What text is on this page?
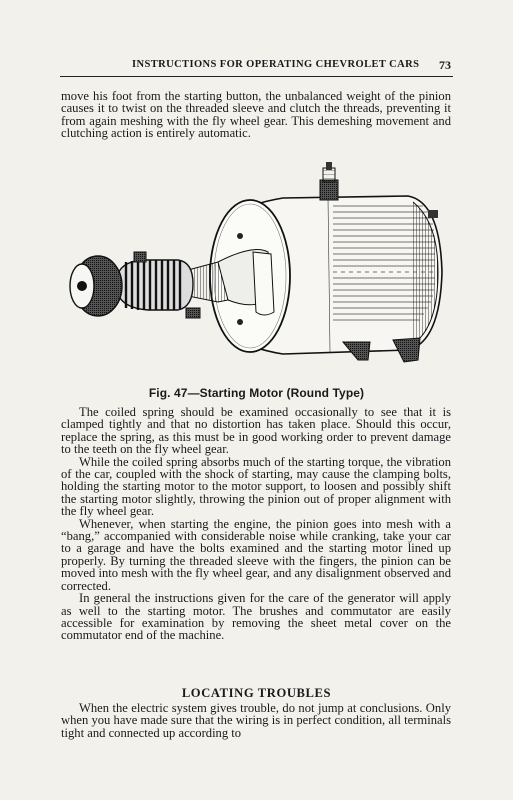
INSTRUCTIONS FOR OPERATING CHEVROLET CARS 73

move his foot from the starting button, the unbalanced weight of the pinion causes it to twist on the threaded sleeve and clutch the threads, preventing it from again meshing with the fly wheel gear. This demeshing movement and clutching action is entirely automatic.

Fig. 47—Starting Motor (Round Type)

The coiled spring should be examined occasionally to see that it is clamped tightly and that no distortion has taken place. Should this occur, replace the spring, as this must be in good working order to prevent damage to the teeth on the fly wheel gear.

While the coiled spring absorbs much of the starting torque, the vibration of the car, coupled with the shock of starting, may cause the clamping bolts, holding the starting motor to the motor support, to loosen and possibly shift the starting motor slightly, throwing the pinion out of proper alignment with the fly wheel gear.

Whenever, when starting the engine, the pinion goes into mesh with a “bang,” accompanied with considerable noise while cranking, take your car to a garage and have the bolts examined and the starting motor lined up properly. By turning the threaded sleeve with the fingers, the pinion can be moved into mesh with the fly wheel gear, and any disalignment observed and corrected.

In general the instructions given for the care of the generator will apply as well to the starting motor. The brushes and commutator are easily accessible for examination by removing the sheet metal cover on the commutator end of the machine.

LOCATING TROUBLES

When the electric system gives trouble, do not jump at conclusions. Only when you have made sure that the wiring is in perfect condition, all terminals tight and connected up according to
